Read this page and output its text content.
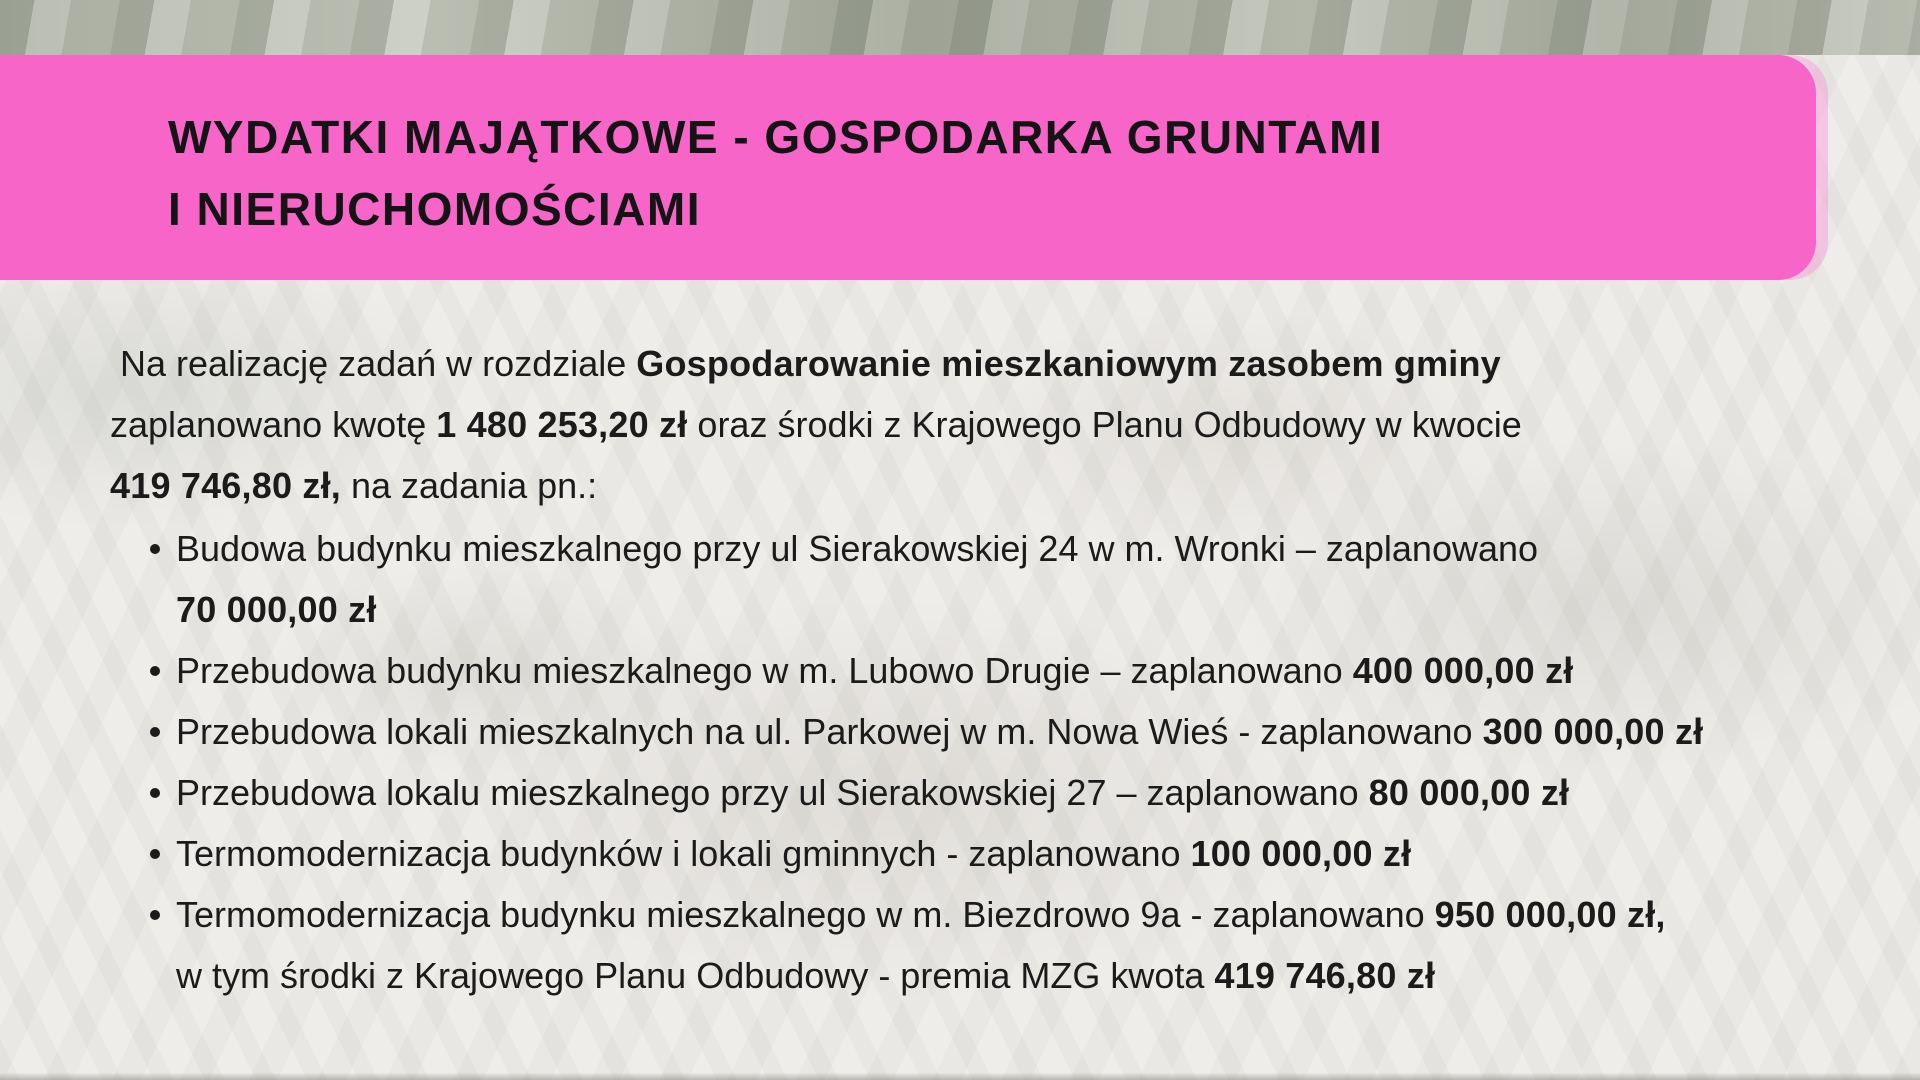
WYDATKI MAJĄTKOWE - GOSPODARKA GRUNTAMI
I NIERUCHOMOŚCIAMI
Na realizację zadań w rozdziale Gospodarowanie mieszkaniowym zasobem gminy
zaplanowano kwotę 1 480 253,20 zł oraz środki z Krajowego Planu Odbudowy w kwocie
419 746,80 zł, na zadania pn.:
Budowa budynku mieszkalnego przy ul Sierakowskiej 24 w m. Wronki – zaplanowano
70 000,00 zł
Przebudowa budynku mieszkalnego w m. Lubowo Drugie – zaplanowano 400 000,00 zł
Przebudowa lokali mieszkalnych na ul. Parkowej w m. Nowa Wieś - zaplanowano 300 000,00 zł
Przebudowa lokalu mieszkalnego przy ul Sierakowskiej 27 – zaplanowano 80 000,00 zł
Termomodernizacja budynków i lokali gminnych - zaplanowano 100 000,00 zł
Termomodernizacja budynku mieszkalnego w m. Biezdrowo 9a - zaplanowano 950 000,00 zł,
w tym środki z Krajowego Planu Odbudowy - premia MZG kwota 419 746,80 zł
